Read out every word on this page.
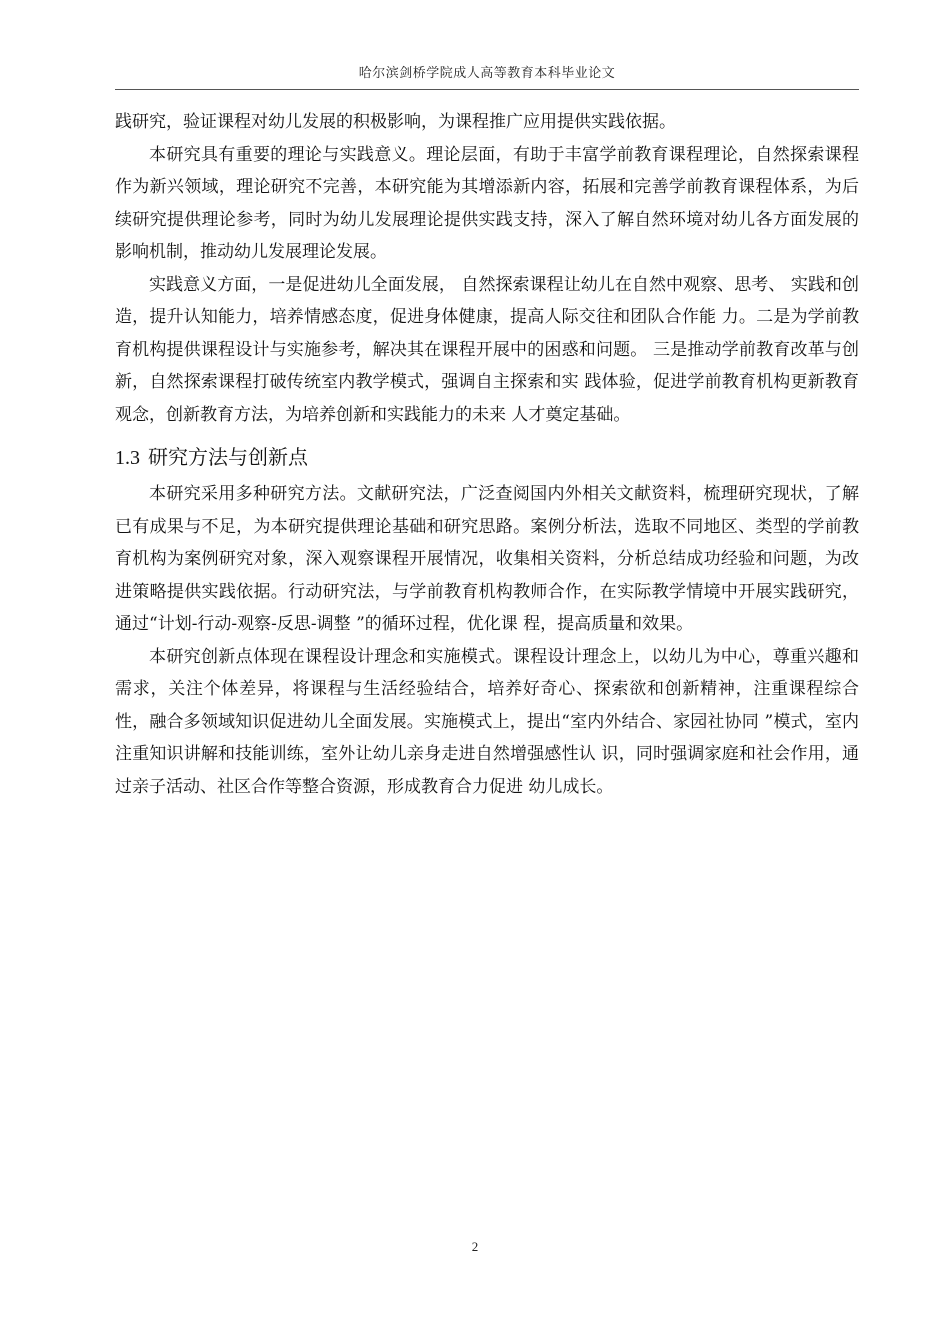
哈尔滨剑桥学院成人高等教育本科毕业论文

践研究，验证课程对幼儿发展的积极影响，为课程推广应用提供实践依据。

本研究具有重要的理论与实践意义。理论层面，有助于丰富学前教育课程理论，自然探索课程作为新兴领域，理论研究不完善，本研究能为其增添新内容，拓展和完善学前教育课程体系，为后续研究提供理论参考，同时为幼儿发展理论提供实践支持，深入了解自然环境对幼儿各方面发展的影响机制，推动幼儿发展理论发展。

实践意义方面，一是促进幼儿全面发展， 自然探索课程让幼儿在自然中观察、思考、 实践和创造，提升认知能力，培养情感态度，促进身体健康，提高人际交往和团队合作能 力。二是为学前教育机构提供课程设计与实施参考，解决其在课程开展中的困惑和问题。 三是推动学前教育改革与创新，自然探索课程打破传统室内教学模式，强调自主探索和实 践体验，促进学前教育机构更新教育观念，创新教育方法，为培养创新和实践能力的未来 人才奠定基础。

1.3 研究方法与创新点

本研究采用多种研究方法。文献研究法，广泛查阅国内外相关文献资料，梳理研究现状，了解已有成果与不足，为本研究提供理论基础和研究思路。案例分析法，选取不同地区、类型的学前教育机构为案例研究对象，深入观察课程开展情况，收集相关资料，分析总结成功经验和问题，为改进策略提供实践依据。行动研究法，与学前教育机构教师合作，在实际教学情境中开展实践研究，通过“计划-行动-观察-反思-调整 ”的循环过程，优化课 程，提高质量和效果。

本研究创新点体现在课程设计理念和实施模式。课程设计理念上，以幼儿为中心，尊重兴趣和需求，关注个体差异，将课程与生活经验结合，培养好奇心、探索欲和创新精神，注重课程综合性，融合多领域知识促进幼儿全面发展。实施模式上，提出“室内外结合、家园社协同 ”模式，室内注重知识讲解和技能训练，室外让幼儿亲身走进自然增强感性认 识，同时强调家庭和社会作用，通过亲子活动、社区合作等整合资源，形成教育合力促进 幼儿成长。

2
